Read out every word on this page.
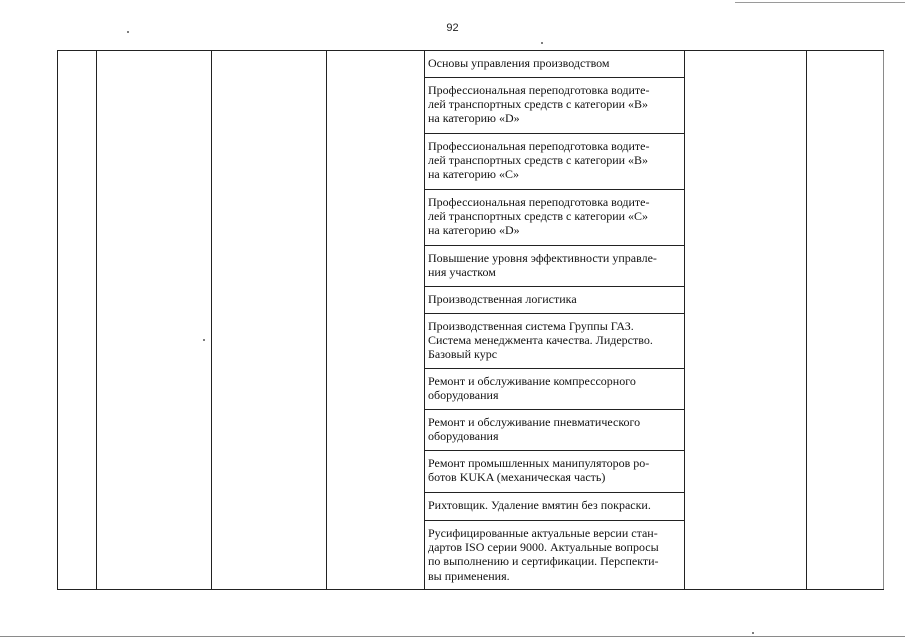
92
Основы управления производством
Профессиональная переподготовка водите-
лей транспортных средств с категории «B»
на категорию «D»
Профессиональная переподготовка водите-
лей транспортных средств с категории «B»
на категорию «C»
Профессиональная переподготовка водите-
лей транспортных средств с категории «C»
на категорию «D»
Повышение уровня эффективности управле-
ния участком
Производственная логистика
Производственная система Группы ГАЗ.
Система менеджмента качества. Лидерство.
Базовый курс
Ремонт и обслуживание компрессорного
оборудования
Ремонт и обслуживание пневматического
оборудования
Ремонт промышленных манипуляторов ро-
ботов KUKA (механическая часть)
Рихтовщик. Удаление вмятин без покраски.
Русифицированные актуальные версии стан-
дартов ISO серии 9000. Актуальные вопросы
по выполнению и сертификации. Перспекти-
вы применения.
